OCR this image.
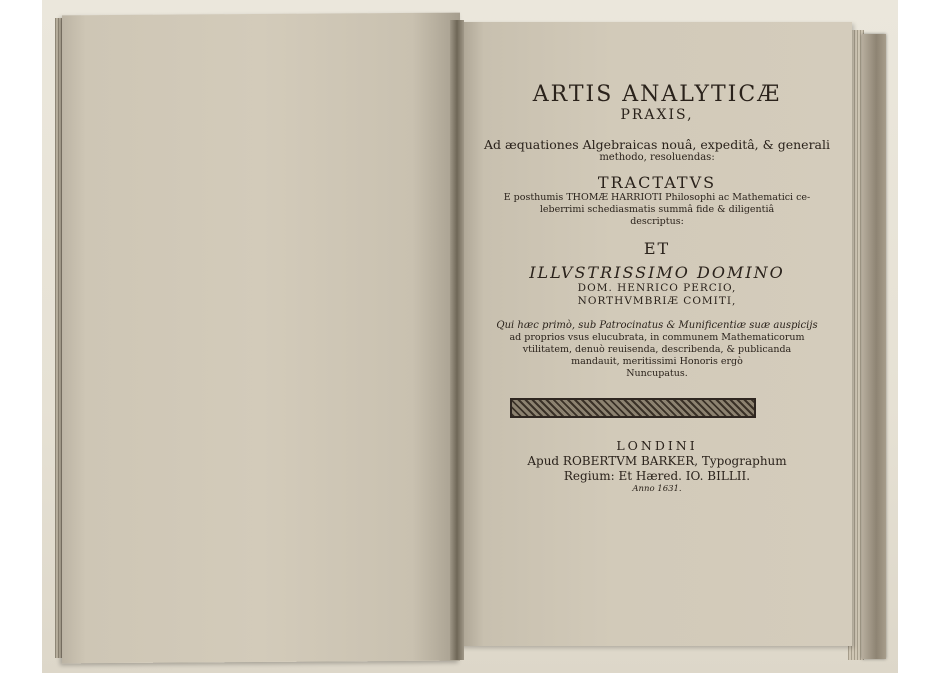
ARTIS ANALYTICÆ
PRAXIS,
Ad æquationes Algebraicas nouâ, expeditâ, & generali
methodo, resoluendas:
TRACTATVS
E posthumis THOMÆ HARRIOTI Philosophi ac Mathematici ce-
leberrimi schediasmatis summâ fide & diligentiâ
descriptus:
ET
ILLVSTRISSIMO DOMINO
DOM. HENRICO PERCIO,
NORTHVMBRIÆ COMITI,
Qui hæc primò, sub Patrocinatus & Munificentiæ suæ auspicijs
ad proprios vsus elucubrata, in communem Mathematicorum
vtilitatem, denuò reuisenda, describenda, & publicanda
mandauit, meritissimi Honoris ergò
Nuncupatus.
LONDINI
Apud ROBERTVM BARKER, Typographum
Regium: Et Hæred. IO. BILLII.
Anno 1631.
